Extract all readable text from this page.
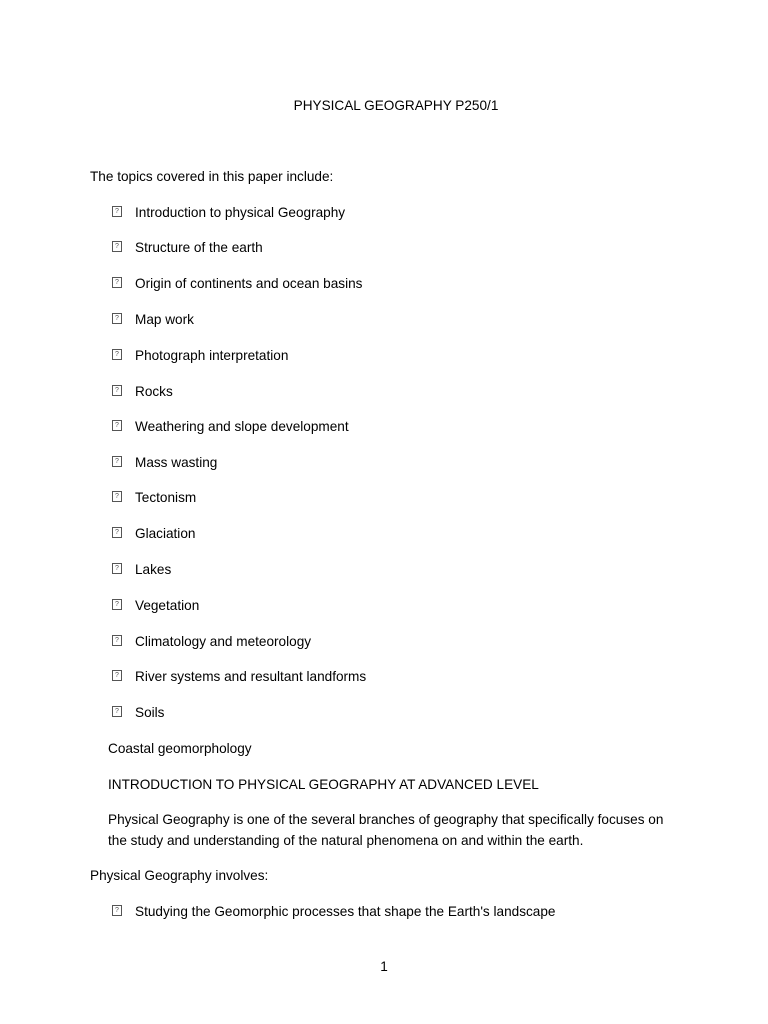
PHYSICAL GEOGRAPHY P250/1
The topics covered in this paper include:
? Introduction to physical Geography
? Structure of the earth
? Origin of continents and ocean basins
? Map work
? Photograph interpretation
? Rocks
? Weathering and slope development
? Mass wasting
? Tectonism
? Glaciation
? Lakes
? Vegetation
? Climatology and meteorology
? River systems and resultant landforms
? Soils
Coastal geomorphology
INTRODUCTION TO PHYSICAL GEOGRAPHY AT ADVANCED LEVEL
Physical Geography is one of the several branches of geography that specifically focuses on the study and understanding of the natural phenomena on and within the earth.
Physical Geography involves:
? Studying the Geomorphic processes that shape the Earth's landscape
1
